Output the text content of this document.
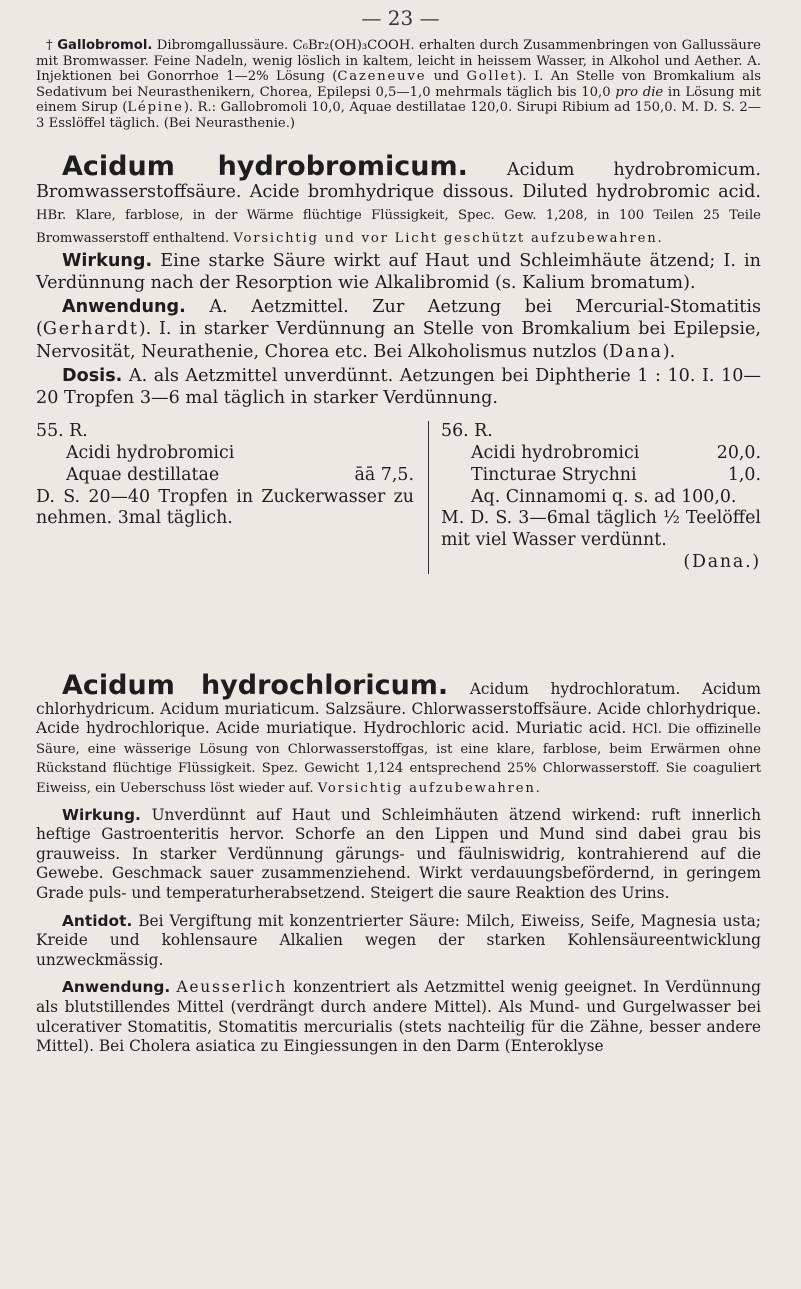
— 23 —

† Gallobromol. Dibromgallussäure. C₆Br₂(OH)₃COOH. erhalten durch Zusammenbringen von Gallussäure mit Bromwasser. Feine Nadeln, wenig löslich in kaltem, leicht in heissem Wasser, in Alkohol und Aether. A. Injektionen bei Gonorrhoe 1—2% Lösung (Cazeneuve und Gollet). I. An Stelle von Bromkalium als Sedativum bei Neurasthenikern, Chorea, Epilepsi 0,5—1,0 mehrmals täglich bis 10,0 pro die in Lösung mit einem Sirup (Lépine). R.: Gallobromoli 10,0, Aquae destillatae 120,0. Sirupi Ribium ad 150,0. M. D. S. 2—3 Esslöffel täglich. (Bei Neurasthenie.)

Acidum hydrobromicum. Acidum hydrobromicum. Bromwasserstoffsäure. Acide bromhydrique dissous. Diluted hydrobromic acid. HBr. Klare, farblose, in der Wärme flüchtige Flüssigkeit, Spec. Gew. 1,208, in 100 Teilen 25 Teile Bromwasserstoff enthaltend. Vorsichtig und vor Licht geschützt aufzubewahren.

Wirkung. Eine starke Säure wirkt auf Haut und Schleimhäute ätzend; I. in Verdünnung nach der Resorption wie Alkalibromid (s. Kalium bromatum).

Anwendung. A. Aetzmittel. Zur Aetzung bei Mercurial-Stomatitis (Gerhardt). I. in starker Verdünnung an Stelle von Bromkalium bei Epilepsie, Nervosität, Neurathenie, Chorea etc. Bei Alkoholismus nutzlos (Dana).

Dosis. A. als Aetzmittel unverdünnt. Aetzungen bei Diphtherie 1 : 10. I. 10—20 Tropfen 3—6 mal täglich in starker Verdünnung.

55. R.
Acidi hydrobromici
Aquae destillatae	āā 7,5.
D. S. 20—40 Tropfen in Zuckerwasser zu nehmen. 3mal täglich.
56. R.
Acidi hydrobromici	20,0.
Tincturae Strychni	1,0.
Aq. Cinnamomi q. s. ad 100,0.
M. D. S. 3—6mal täglich ½ Teelöffel mit viel Wasser verdünnt.
(Dana.)

Acidum hydrochloricum. Acidum hydrochloratum. Acidum chlorhydricum. Acidum muriaticum. Salzsäure. Chlorwasserstoffsäure. Acide chlorhydrique. Acide hydrochlorique. Acide muriatique. Hydrochloric acid. Muriatic acid. HCl. Die offizinelle Säure, eine wässerige Lösung von Chlorwasserstoffgas, ist eine klare, farblose, beim Erwärmen ohne Rückstand flüchtige Flüssigkeit. Spez. Gewicht 1,124 entsprechend 25% Chlorwasserstoff. Sie coaguliert Eiweiss, ein Ueberschuss löst wieder auf. Vorsichtig aufzubewahren.

Wirkung. Unverdünnt auf Haut und Schleimhäuten ätzend wirkend: ruft innerlich heftige Gastroenteritis hervor. Schorfe an den Lippen und Mund sind dabei grau bis grauweiss. In starker Verdünnung gärungs- und fäulniswidrig, kontrahierend auf die Gewebe. Geschmack sauer zusammenziehend. Wirkt verdauungsbefördernd, in geringem Grade puls- und temperaturherabsetzend. Steigert die saure Reaktion des Urins.

Antidot. Bei Vergiftung mit konzentrierter Säure: Milch, Eiweiss, Seife, Magnesia usta; Kreide und kohlensaure Alkalien wegen der starken Kohlensäureentwicklung unzweckmässig.

Anwendung. Aeusserlich konzentriert als Aetzmittel wenig geeignet. In Verdünnung als blutstillendes Mittel (verdrängt durch andere Mittel). Als Mund- und Gurgelwasser bei ulcerativer Stomatitis, Stomatitis mercurialis (stets nachteilig für die Zähne, besser andere Mittel). Bei Cholera asiatica zu Eingiessungen in den Darm (Enteroklyse
